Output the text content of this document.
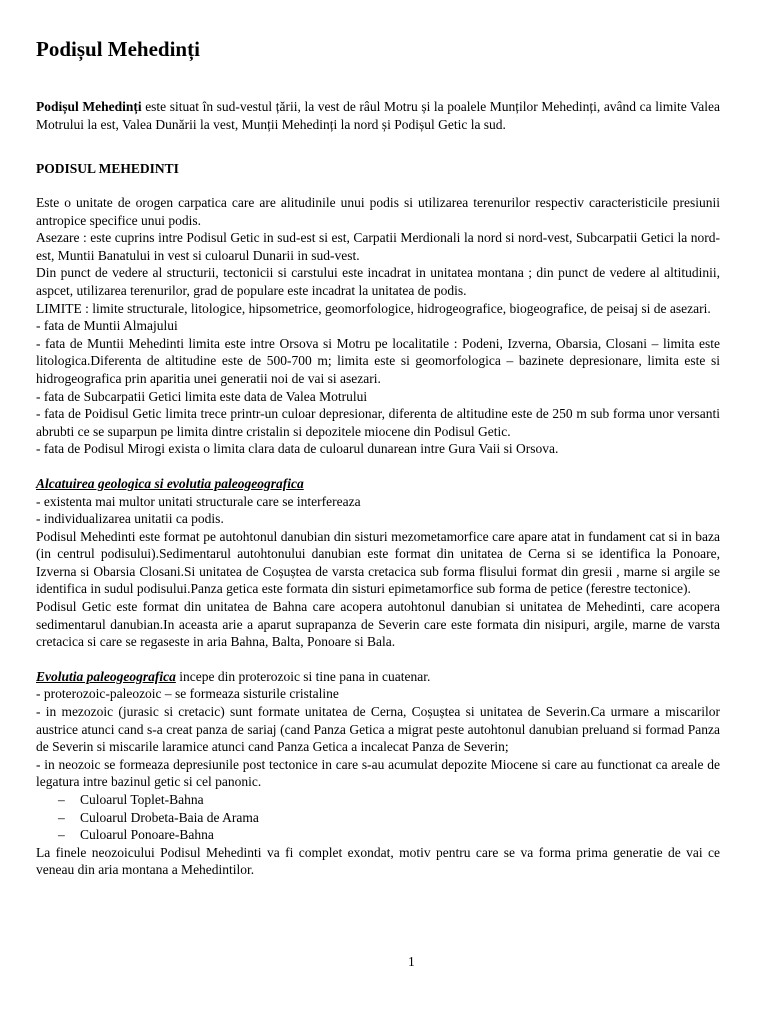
Podișul Mehedinți

Podișul Mehedinți este situat în sud-vestul țării, la vest de râul Motru și la poalele Munților Mehedinți, având ca limite Valea Motrului la est, Valea Dunării la vest, Munții Mehedinți la nord și Podișul Getic la sud.

PODISUL MEHEDINTI

Este o unitate de orogen carpatica care are alitudinile unui podis si utilizarea terenurilor respectiv caracteristicile presiunii antropice specifice unui podis.

Asezare : este cuprins intre Podisul Getic in sud-est si est, Carpatii Merdionali la nord si nord-vest, Subcarpatii Getici la nord-est, Muntii Banatului in vest si culoarul Dunarii in sud-vest.

Din punct de vedere al structurii, tectonicii si carstului este incadrat in unitatea montana ; din punct de vedere al altitudinii, aspcet, utilizarea terenurilor, grad de populare este incadrat la unitatea de podis.

LIMITE : limite structurale, litologice, hipsometrice, geomorfologice, hidrogeografice, biogeografice, de peisaj si de asezari.

- fata de Muntii Almajului

- fata de Muntii Mehedinti limita este intre Orsova si Motru pe localitatile : Podeni, Izverna, Obarsia, Closani – limita este litologica.Diferenta de altitudine este de 500-700 m; limita este si geomorfologica – bazinete depresionare, limita este si hidrogeografica prin aparitia unei generatii noi de vai si asezari.

- fata de Subcarpatii Getici limita este data de Valea Motrului

- fata de Poidisul Getic limita trece printr-un culoar depresionar, diferenta de altitudine este de 250 m sub forma unor versanti abrubti ce se suparpun pe limita dintre cristalin si depozitele miocene din Podisul Getic.

- fata de Podisul Mirogi exista o limita clara data de culoarul dunarean intre Gura Vaii si Orsova.

Alcatuirea geologica si evolutia paleogeografica

- existenta mai multor unitati structurale care se interfereaza

- individualizarea unitatii ca podis.

Podisul Mehedinti este format pe autohtonul danubian din sisturi mezometamorfice care apare atat in fundament cat si in baza (in centrul podisului).Sedimentarul autohtonului danubian este format din unitatea de Cerna si se identifica la Ponoare, Izverna si Obarsia Closani.Si unitatea de Coșuștea de varsta cretacica sub forma flisului format din gresii , marne si argile se identifica in sudul podisului.Panza getica este formata din sisturi epimetamorfice sub forma de petice (ferestre tectonice).

Podisul Getic este format din unitatea de Bahna care acopera autohtonul danubian si unitatea de Mehedinti, care acopera sedimentarul danubian.In aceasta arie a aparut suprapanza de Severin care este formata din nisipuri, argile, marne de varsta cretacica si care se regaseste in aria Bahna, Balta, Ponoare si Bala.

Evolutia paleogeografica incepe din proterozoic si tine pana in cuatenar.

- proterozoic-paleozoic – se formeaza sisturile cristaline

- in mezozoic (jurasic si cretacic) sunt formate unitatea de Cerna, Coșuștea si unitatea de Severin.Ca urmare a miscarilor austrice atunci cand s-a creat panza de sariaj (cand Panza Getica a migrat peste autohtonul danubian preluand si formad Panza de Severin si miscarile laramice atunci cand Panza Getica a incalecat Panza de Severin;

- in neozoic se formeaza depresiunile post tectonice in care s-au acumulat depozite Miocene si care au functionat ca areale de legatura intre bazinul getic si cel panonic.

– Culoarul Toplet-Bahna
– Culoarul Drobeta-Baia de Arama
– Culoarul Ponoare-Bahna

La finele neozoicului Podisul Mehedinti va fi complet exondat, motiv pentru care se va forma prima generatie de vai ce veneau din aria montana a Mehedintilor.

1
